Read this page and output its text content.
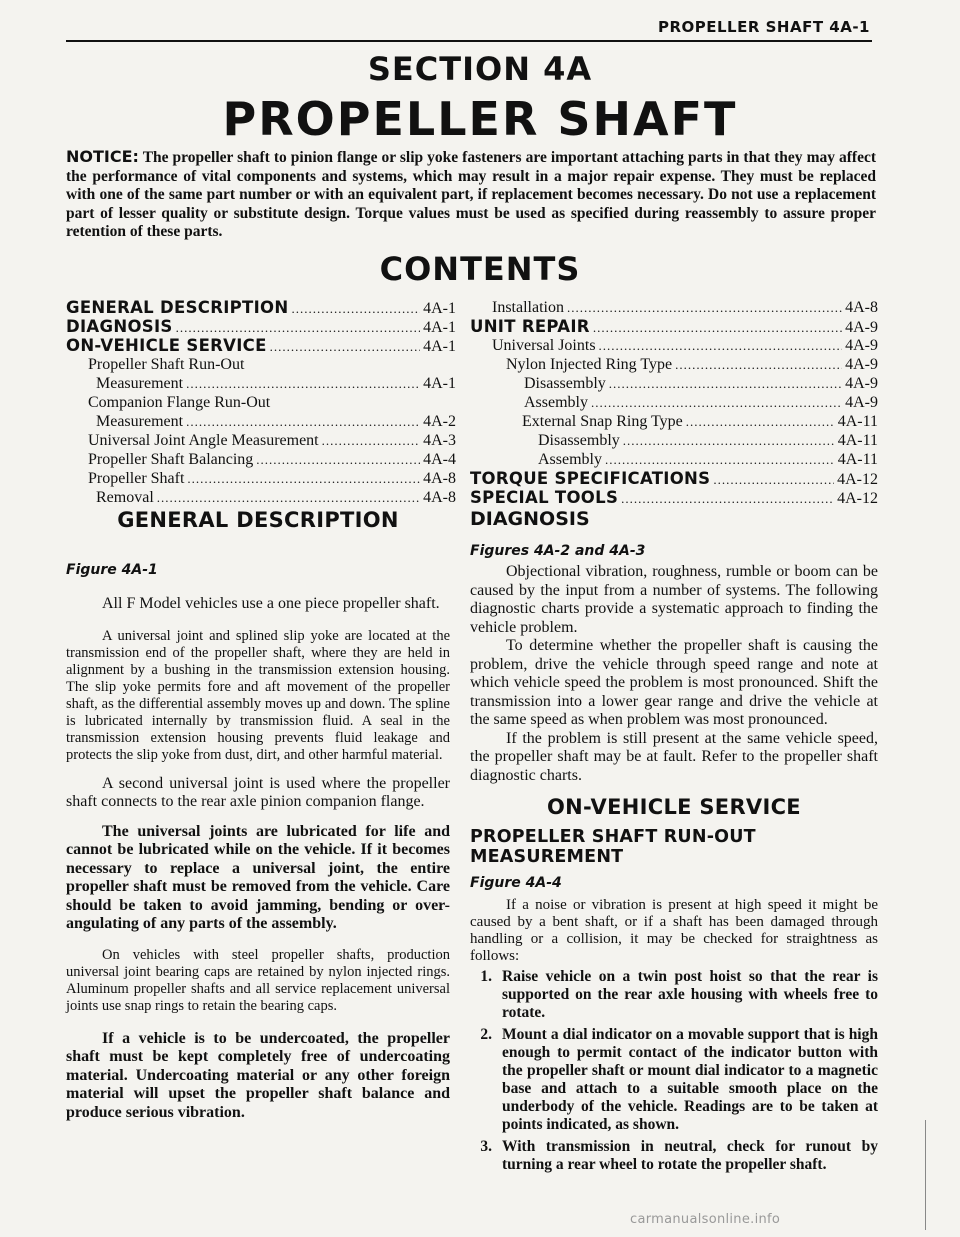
PROPELLER SHAFT 4A-1
SECTION 4A
PROPELLER SHAFT
NOTICE: The propeller shaft to pinion flange or slip yoke fasteners are important attaching parts in that they may affect the performance of vital components and systems, which may result in a major repair expense. They must be replaced with one of the same part number or with an equivalent part, if replacement becomes necessary. Do not use a replacement part of lesser quality or substitute design. Torque values must be used as specified during reassembly to assure proper retention of these parts.
CONTENTS
GENERAL DESCRIPTION .....	4A-1
DIAGNOSIS .....	4A-1
ON-VEHICLE SERVICE .....	4A-1
Propeller Shaft Run-Out
Measurement .....	4A-1
Companion Flange Run-Out
Measurement .....	4A-2
Universal Joint Angle Measurement .....	4A-3
Propeller Shaft Balancing .....	4A-4
Propeller Shaft .....	4A-8
Removal .....	4A-8
Installation .....	4A-8
UNIT REPAIR .....	4A-9
Universal Joints .....	4A-9
Nylon Injected Ring Type .....	4A-9
Disassembly .....	4A-9
Assembly .....	4A-9
External Snap Ring Type .....	4A-11
Disassembly .....	4A-11
Assembly .....	4A-11
TORQUE SPECIFICATIONS .....	4A-12
SPECIAL TOOLS .....	4A-12
GENERAL DESCRIPTION
Figure 4A-1

All F Model vehicles use a one piece propeller shaft.

A universal joint and splined slip yoke are located at the transmission end of the propeller shaft, where they are held in alignment by a bushing in the transmission extension housing. The slip yoke permits fore and aft movement of the propeller shaft, as the differential assembly moves up and down. The spline is lubricated internally by transmission fluid. A seal in the transmission extension housing prevents fluid leakage and protects the slip yoke from dust, dirt, and other harmful material.

A second universal joint is used where the propeller shaft connects to the rear axle pinion companion flange.

The universal joints are lubricated for life and cannot be lubricated while on the vehicle. If it becomes necessary to replace a universal joint, the entire propeller shaft must be removed from the vehicle. Care should be taken to avoid jamming, bending or over-angulating of any parts of the assembly.

On vehicles with steel propeller shafts, production universal joint bearing caps are retained by nylon injected rings. Aluminum propeller shafts and all service replacement universal joints use snap rings to retain the bearing caps.

If a vehicle is to be undercoated, the propeller shaft must be kept completely free of undercoating material. Undercoating material or any other foreign material will upset the propeller shaft balance and produce serious vibration.

DIAGNOSIS
Figures 4A-2 and 4A-3

Objectional vibration, roughness, rumble or boom can be caused by the input from a number of systems. The following diagnostic charts provide a systematic approach to finding the vehicle problem.

To determine whether the propeller shaft is causing the problem, drive the vehicle through speed range and note at which vehicle speed the problem is most pronounced. Shift the transmission into a lower gear range and drive the vehicle at the same speed as when problem was most pronounced.

If the problem is still present at the same vehicle speed, the propeller shaft may be at fault. Refer to the propeller shaft diagnostic charts.

ON-VEHICLE SERVICE
PROPELLER SHAFT RUN-OUT MEASUREMENT
Figure 4A-4

If a noise or vibration is present at high speed it might be caused by a bent shaft, or if a shaft has been damaged through handling or a collision, it may be checked for straightness as follows:

1. Raise vehicle on a twin post hoist so that the rear is supported on the rear axle housing with wheels free to rotate.
2. Mount a dial indicator on a movable support that is high enough to permit contact of the indicator button with the propeller shaft or mount dial indicator to a magnetic base and attach to a suitable smooth place on the underbody of the vehicle. Readings are to be taken at points indicated, as shown.
3. With transmission in neutral, check for runout by turning a rear wheel to rotate the propeller shaft.
carmanualsonline.info
